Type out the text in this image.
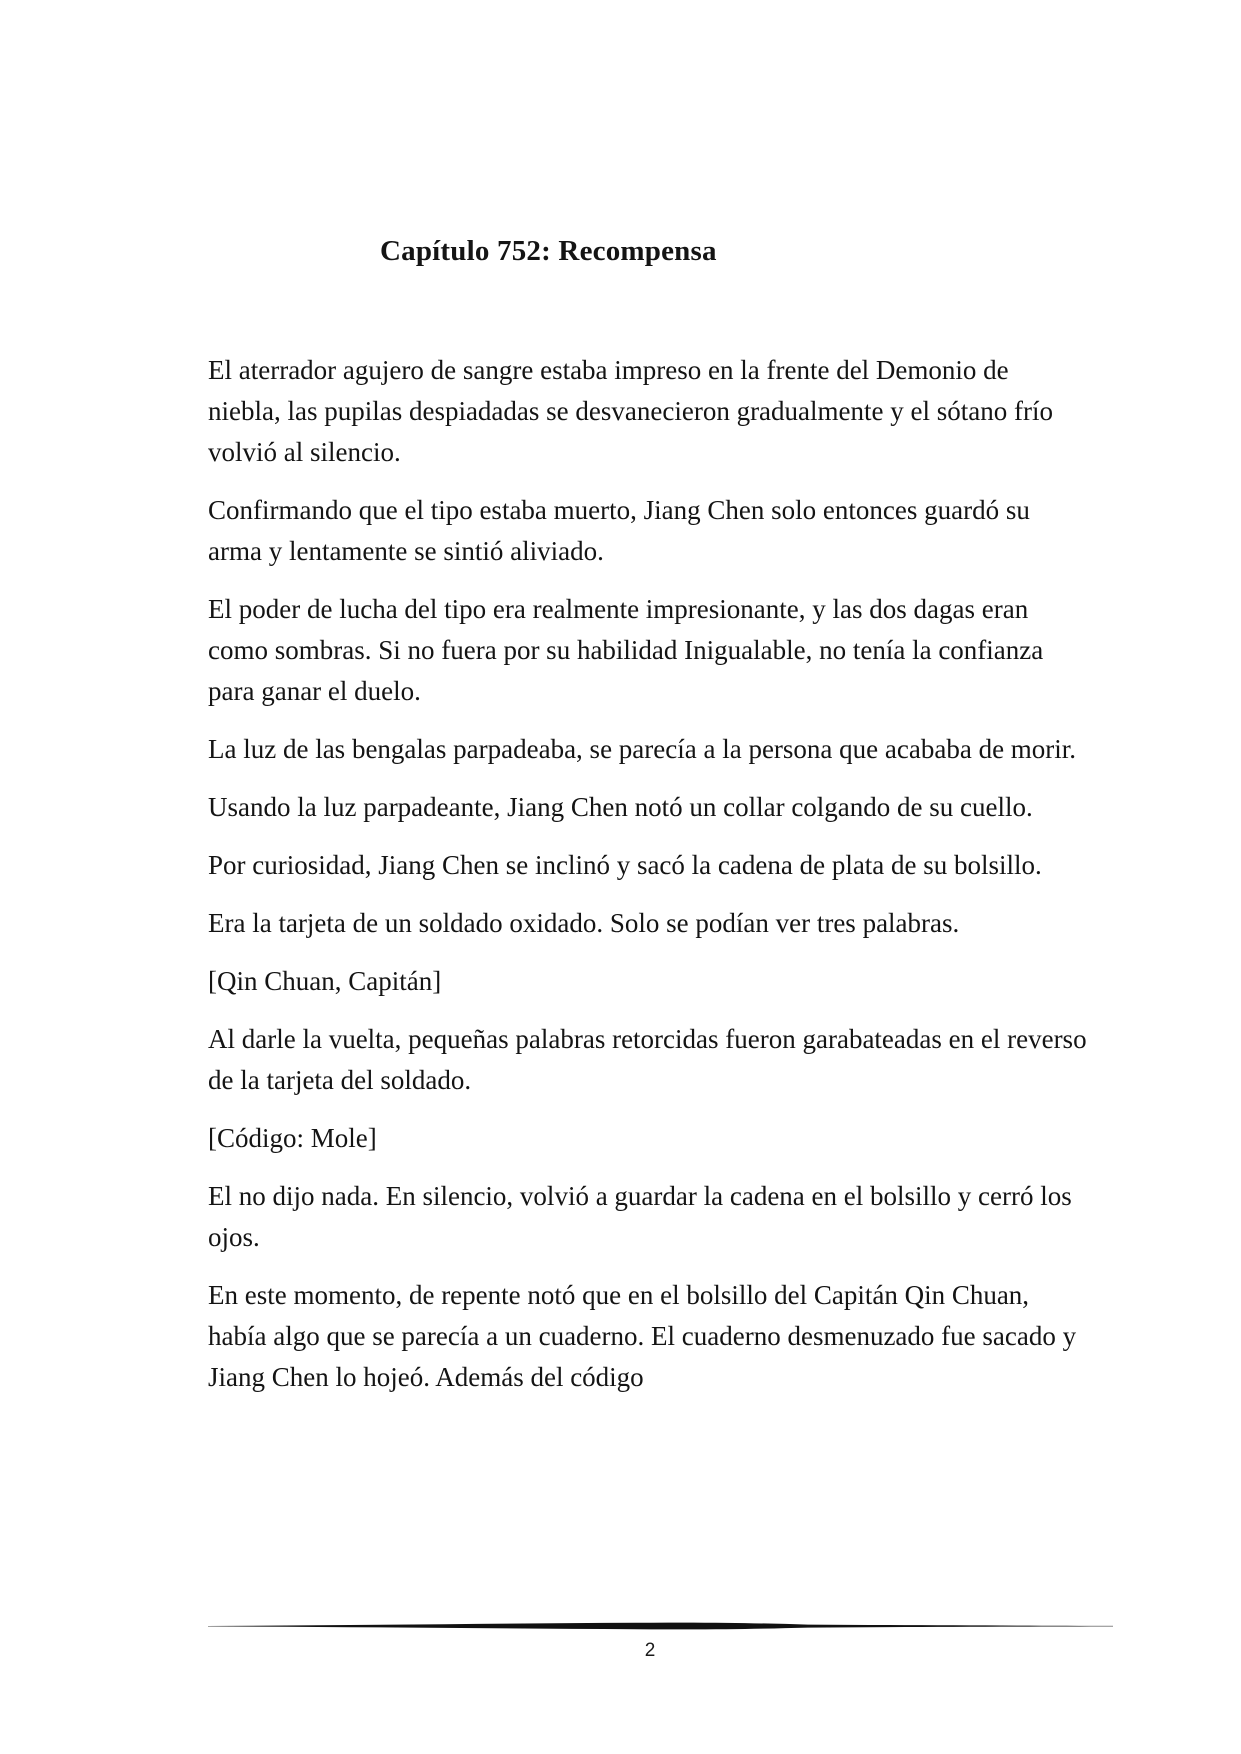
Capítulo 752: Recompensa

El aterrador agujero de sangre estaba impreso en la frente del Demonio de niebla, las pupilas despiadadas se desvanecieron gradualmente y el sótano frío volvió al silencio.

Confirmando que el tipo estaba muerto, Jiang Chen solo entonces guardó su arma y lentamente se sintió aliviado.

El poder de lucha del tipo era realmente impresionante, y las dos dagas eran como sombras. Si no fuera por su habilidad Inigualable, no tenía la confianza para ganar el duelo.

La luz de las bengalas parpadeaba, se parecía a la persona que acababa de morir.

Usando la luz parpadeante, Jiang Chen notó un collar colgando de su cuello.

Por curiosidad, Jiang Chen se inclinó y sacó la cadena de plata de su bolsillo.

Era la tarjeta de un soldado oxidado. Solo se podían ver tres palabras.

[Qin Chuan, Capitán]

Al darle la vuelta, pequeñas palabras retorcidas fueron garabateadas en el reverso de la tarjeta del soldado.

[Código: Mole]

El no dijo nada. En silencio, volvió a guardar la cadena en el bolsillo y cerró los ojos.

En este momento, de repente notó que en el bolsillo del Capitán Qin Chuan, había algo que se parecía a un cuaderno. El cuaderno desmenuzado fue sacado y Jiang Chen lo hojeó. Además del código

2
